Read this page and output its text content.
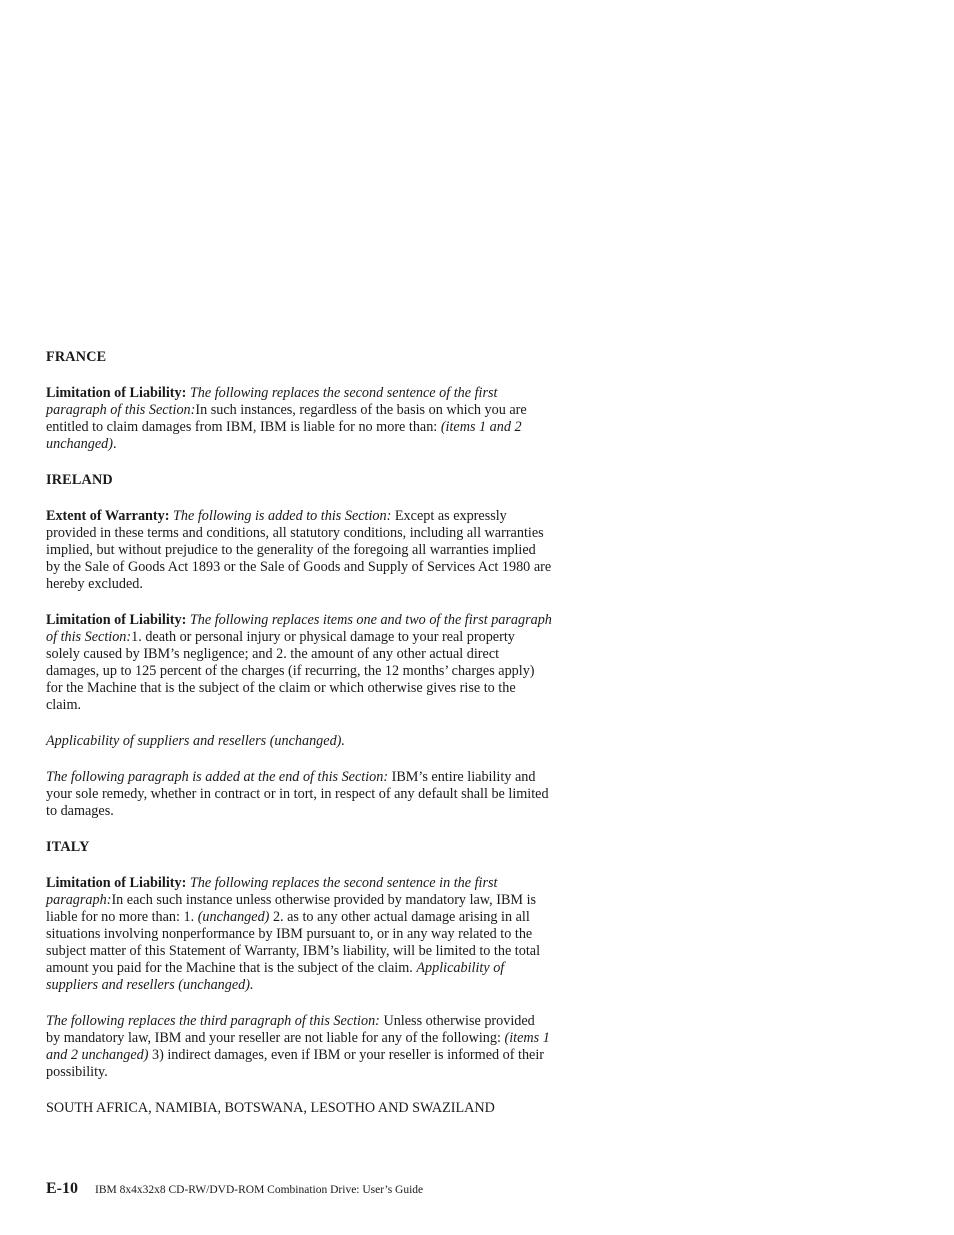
FRANCE

Limitation of Liability: The following replaces the second sentence of the first paragraph of this Section:In such instances, regardless of the basis on which you are entitled to claim damages from IBM, IBM is liable for no more than: (items 1 and 2 unchanged).

IRELAND

Extent of Warranty: The following is added to this Section: Except as expressly provided in these terms and conditions, all statutory conditions, including all warranties implied, but without prejudice to the generality of the foregoing all warranties implied by the Sale of Goods Act 1893 or the Sale of Goods and Supply of Services Act 1980 are hereby excluded.

Limitation of Liability: The following replaces items one and two of the first paragraph of this Section:1. death or personal injury or physical damage to your real property solely caused by IBM’s negligence; and 2. the amount of any other actual direct damages, up to 125 percent of the charges (if recurring, the 12 months’ charges apply) for the Machine that is the subject of the claim or which otherwise gives rise to the claim.

Applicability of suppliers and resellers (unchanged).

The following paragraph is added at the end of this Section: IBM’s entire liability and your sole remedy, whether in contract or in tort, in respect of any default shall be limited to damages.

ITALY

Limitation of Liability: The following replaces the second sentence in the first paragraph:In each such instance unless otherwise provided by mandatory law, IBM is liable for no more than: 1. (unchanged) 2. as to any other actual damage arising in all situations involving nonperformance by IBM pursuant to, or in any way related to the subject matter of this Statement of Warranty, IBM’s liability, will be limited to the total amount you paid for the Machine that is the subject of the claim. Applicability of suppliers and resellers (unchanged).

The following replaces the third paragraph of this Section: Unless otherwise provided by mandatory law, IBM and your reseller are not liable for any of the following: (items 1 and 2 unchanged) 3) indirect damages, even if IBM or your reseller is informed of their possibility.

SOUTH AFRICA, NAMIBIA, BOTSWANA, LESOTHO AND SWAZILAND
E-10 IBM 8x4x32x8 CD-RW/DVD-ROM Combination Drive: User’s Guide
